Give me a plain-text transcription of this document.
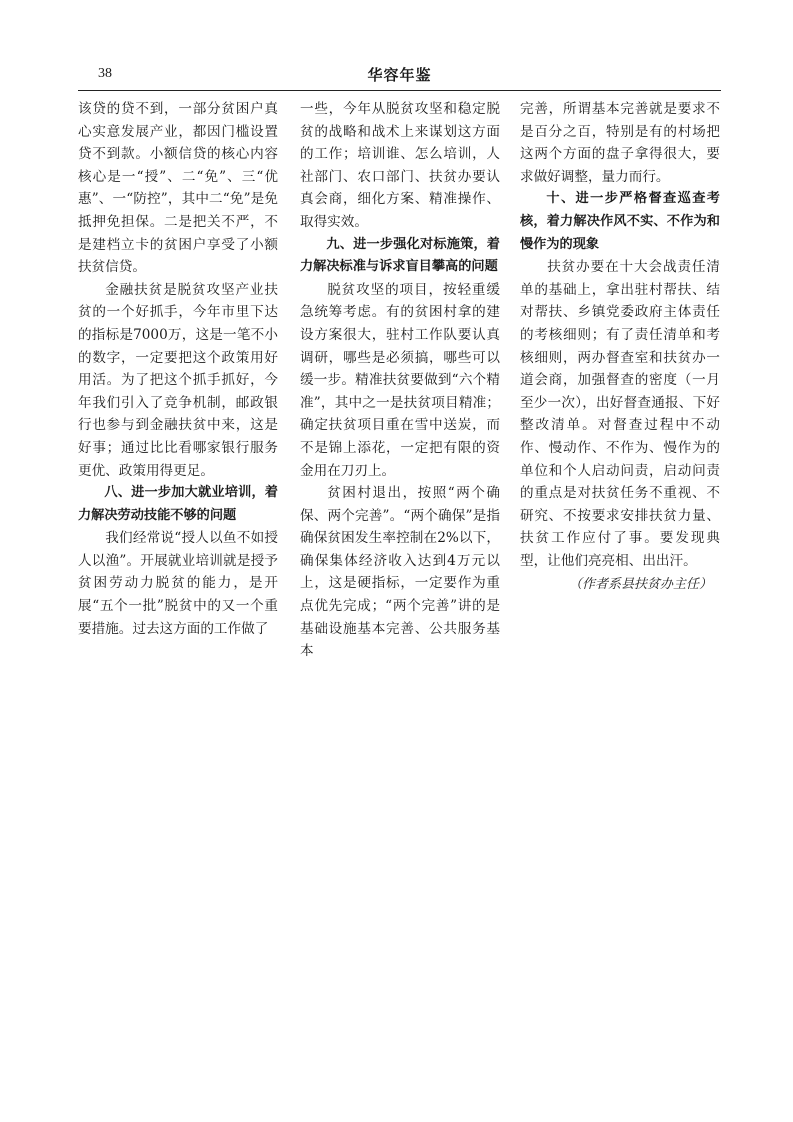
38	华容年鉴

该贷的贷不到，一部分贫困户真心实意发展产业，都因门槛设置贷不到款。小额信贷的核心内容核心是一“授”、二“免”、三“优惠”、一“防控”，其中二“免”是免抵押免担保。二是把关不严，不是建档立卡的贫困户享受了小额扶贫信贷。

金融扶贫是脱贫攻坚产业扶贫的一个好抓手，今年市里下达的指标是7000万，这是一笔不小的数字，一定要把这个政策用好用活。为了把这个抓手抓好，今年我们引入了竞争机制，邮政银行也参与到金融扶贫中来，这是好事；通过比比看哪家银行服务更优、政策用得更足。

八、进一步加大就业培训，着力解决劳动技能不够的问题

我们经常说“授人以鱼不如授人以渔”。开展就业培训就是授予贫困劳动力脱贫的能力，是开展“五个一批”脱贫中的又一个重要措施。过去这方面的工作做了

一些，今年从脱贫攻坚和稳定脱贫的战略和战术上来谋划这方面的工作；培训谁、怎么培训，人社部门、农口部门、扶贫办要认真会商，细化方案、精准操作、取得实效。

九、进一步强化对标施策，着力解决标准与诉求盲目攀高的问题

脱贫攻坚的项目，按轻重缓急统筹考虑。有的贫困村拿的建设方案很大，驻村工作队要认真调研，哪些是必须搞，哪些可以缓一步。精准扶贫要做到“六个精准”，其中之一是扶贫项目精准；确定扶贫项目重在雪中送炭，而不是锦上添花，一定把有限的资金用在刀刃上。

贫困村退出，按照“两个确保、两个完善”。“两个确保”是指确保贫困发生率控制在2%以下，确保集体经济收入达到4万元以上，这是硬指标，一定要作为重点优先完成；“两个完善”讲的是基础设施基本完善、公共服务基本

完善，所谓基本完善就是要求不是百分之百，特别是有的村场把这两个方面的盘子拿得很大，要求做好调整，量力而行。

十、进一步严格督查巡查考核，着力解决作风不实、不作为和慢作为的现象

扶贫办要在十大会战责任清单的基础上，拿出驻村帮扶、结对帮扶、乡镇党委政府主体责任的考核细则；有了责任清单和考核细则，两办督查室和扶贫办一道会商，加强督查的密度（一月至少一次），出好督查通报、下好整改清单。对督查过程中不动作、慢动作、不作为、慢作为的单位和个人启动问责，启动问责的重点是对扶贫任务不重视、不研究、不按要求安排扶贫力量、扶贫工作应付了事。要发现典型，让他们亮亮相、出出汗。

（作者系县扶贫办主任）
